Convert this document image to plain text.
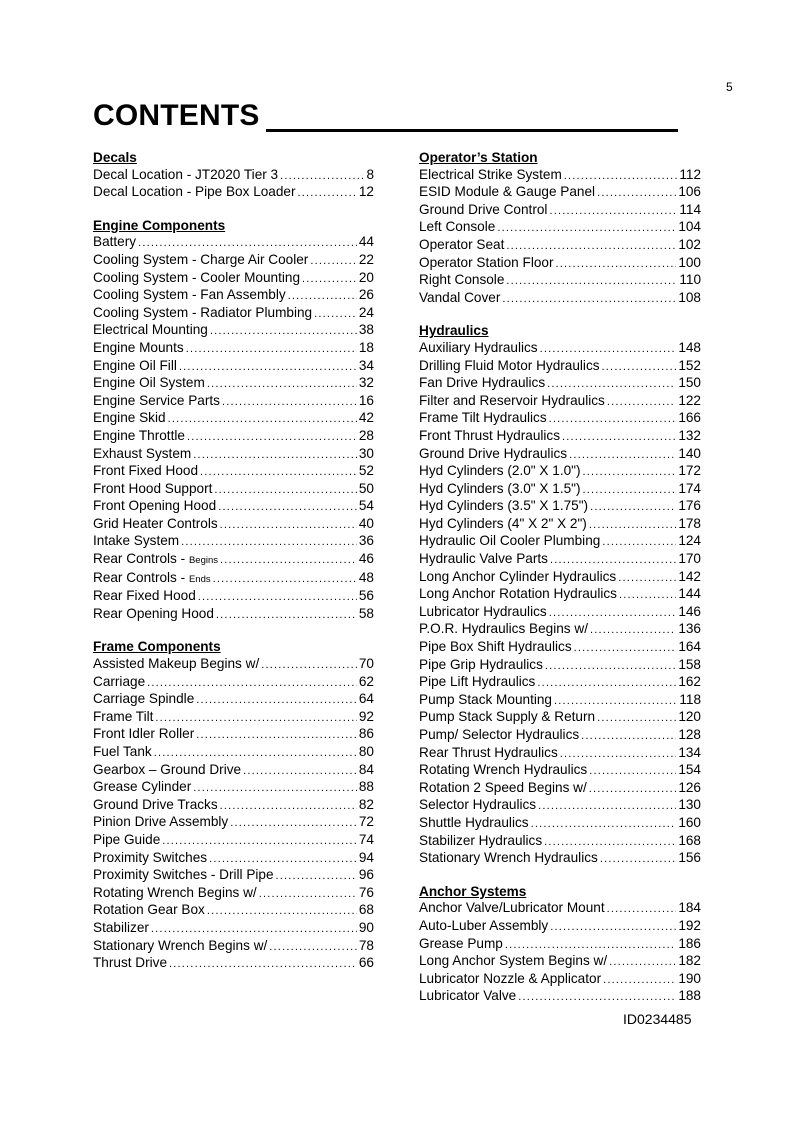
5
CONTENTS
Decals
Decal Location - JT2020 Tier 3 .....	8
Decal Location - Pipe Box Loader .....	12
Engine Components
Battery .....	44
Cooling System - Charge Air Cooler .....	22
Cooling System - Cooler Mounting .....	20
Cooling System - Fan Assembly .....	26
Cooling System - Radiator Plumbing .....	24
Electrical Mounting .....	38
Engine Mounts .....	18
Engine Oil Fill .....	34
Engine Oil System .....	32
Engine Service Parts .....	16
Engine Skid .....	42
Engine Throttle .....	28
Exhaust System .....	30
Front Fixed Hood .....	52
Front Hood Support .....	50
Front Opening Hood .....	54
Grid Heater Controls .....	40
Intake System .....	36
Rear Controls - Begins .....	46
Rear Controls - Ends .....	48
Rear Fixed Hood .....	56
Rear Opening Hood .....	58
Frame Components
Assisted Makeup Begins w/ .....	70
Carriage .....	62
Carriage Spindle .....	64
Frame Tilt .....	92
Front Idler Roller .....	86
Fuel Tank .....	80
Gearbox – Ground Drive .....	84
Grease Cylinder .....	88
Ground Drive Tracks .....	82
Pinion Drive Assembly .....	72
Pipe Guide .....	74
Proximity Switches .....	94
Proximity Switches - Drill Pipe .....	96
Rotating Wrench Begins w/ .....	76
Rotation Gear Box .....	68
Stabilizer .....	90
Stationary Wrench Begins w/ .....	78
Thrust Drive .....	66
Operator’s Station
Electrical Strike System .....	112
ESID Module & Gauge Panel .....	106
Ground Drive Control .....	114
Left Console .....	104
Operator Seat .....	102
Operator Station Floor .....	100
Right Console .....	110
Vandal Cover .....	108
Hydraulics
Auxiliary Hydraulics .....	148
Drilling Fluid Motor Hydraulics .....	152
Fan Drive Hydraulics .....	150
Filter and Reservoir Hydraulics .....	122
Frame Tilt Hydraulics .....	166
Front Thrust Hydraulics .....	132
Ground Drive Hydraulics .....	140
Hyd Cylinders (2.0" X 1.0") .....	172
Hyd Cylinders (3.0" X 1.5") .....	174
Hyd Cylinders (3.5" X 1.75") .....	176
Hyd Cylinders (4" X 2" X 2") .....	178
Hydraulic Oil Cooler Plumbing .....	124
Hydraulic Valve Parts .....	170
Long Anchor Cylinder Hydraulics .....	142
Long Anchor Rotation Hydraulics .....	144
Lubricator Hydraulics .....	146
P.O.R. Hydraulics Begins w/ .....	136
Pipe Box Shift Hydraulics .....	164
Pipe Grip Hydraulics .....	158
Pipe Lift Hydraulics .....	162
Pump Stack Mounting .....	118
Pump Stack Supply & Return .....	120
Pump/ Selector Hydraulics .....	128
Rear Thrust Hydraulics .....	134
Rotating Wrench Hydraulics .....	154
Rotation 2 Speed Begins w/ .....	126
Selector Hydraulics .....	130
Shuttle Hydraulics .....	160
Stabilizer Hydraulics .....	168
Stationary Wrench Hydraulics .....	156
Anchor Systems
Anchor Valve/Lubricator Mount .....	184
Auto-Luber Assembly .....	192
Grease Pump .....	186
Long Anchor System Begins w/ .....	182
Lubricator Nozzle & Applicator .....	190
Lubricator Valve .....	188
ID0234485
